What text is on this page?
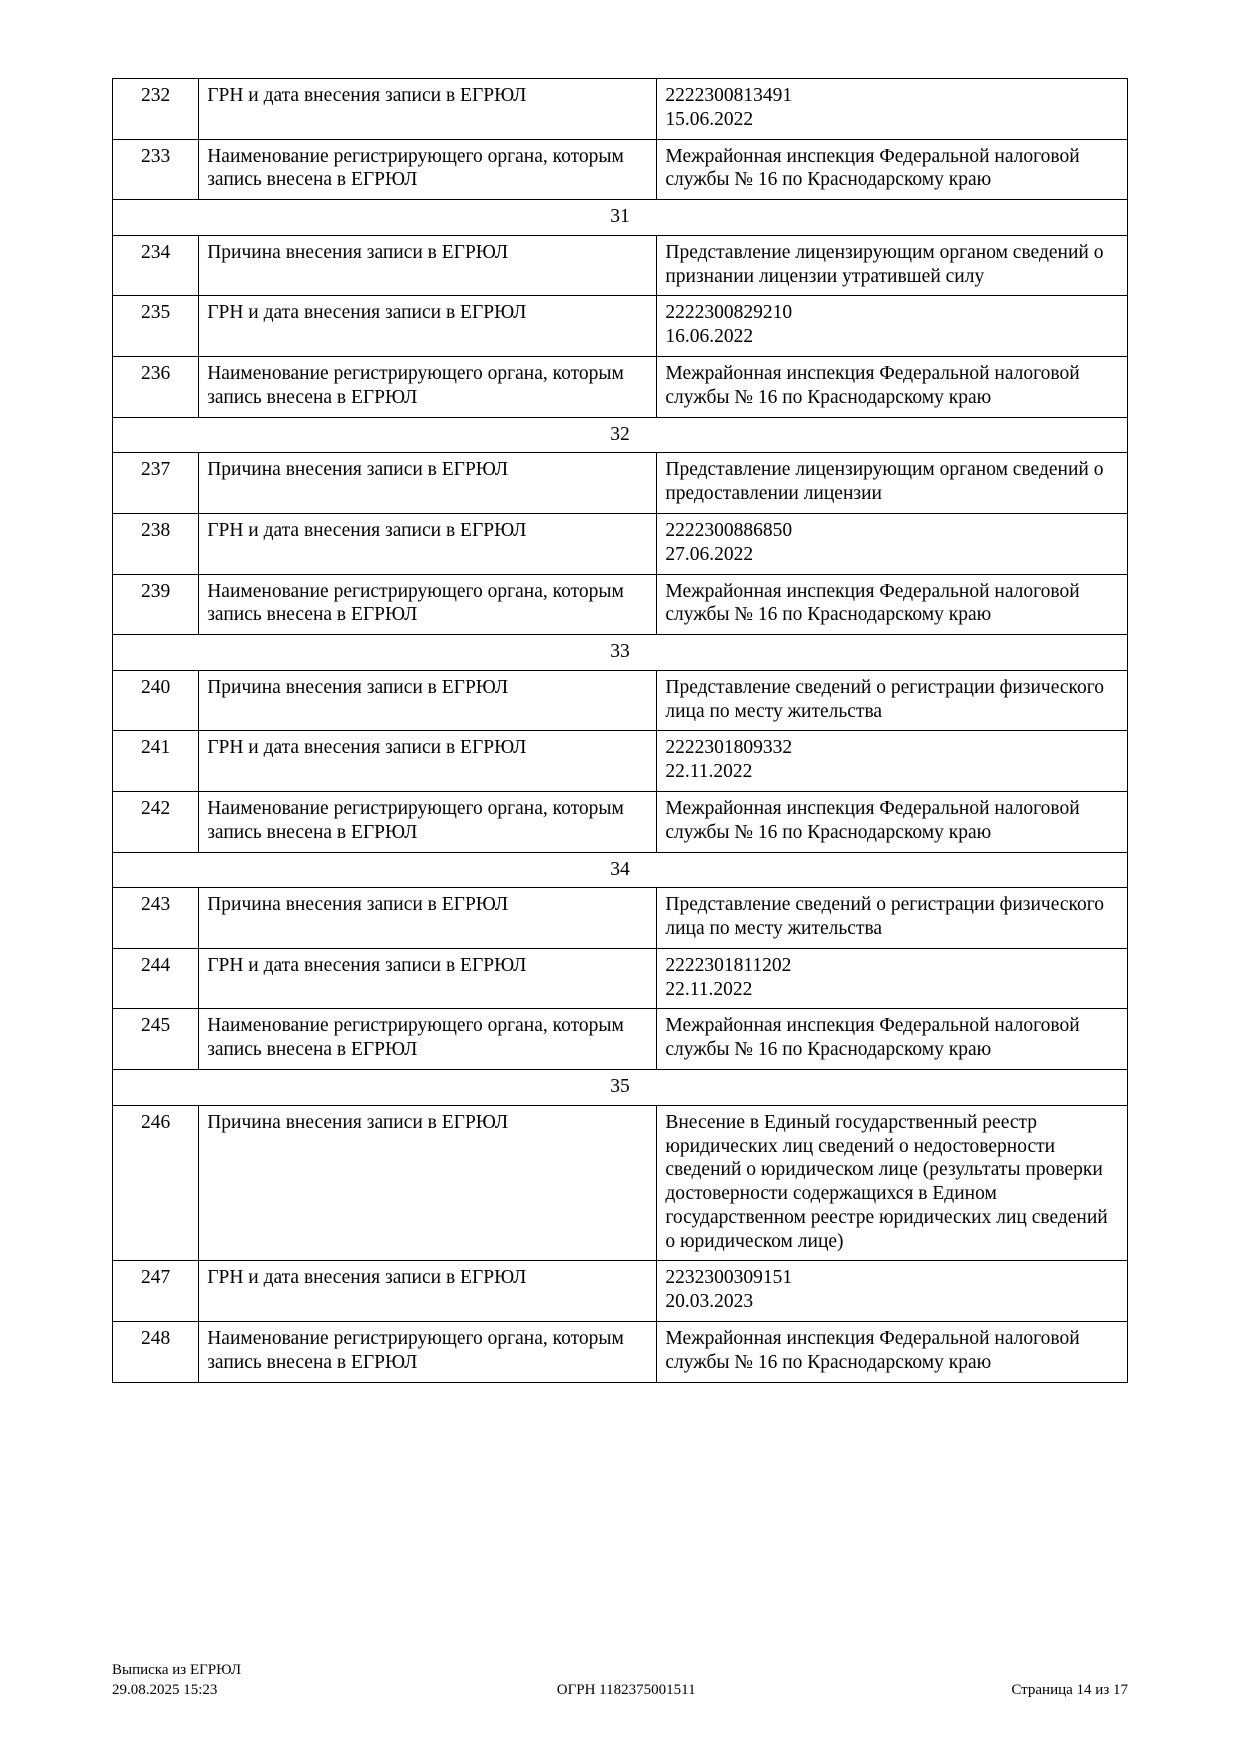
232	ГРН и дата внесения записи в ЕГРЮЛ	2222300813491
15.06.2022

233	Наименование регистрирующего органа, которым запись внесена в ЕГРЮЛ	Межрайонная инспекция Федеральной налоговой службы № 16 по Краснодарскому краю
31		
234	Причина внесения записи в ЕГРЮЛ	Представление лицензирующим органом сведений о признании лицензии утратившей силу
235	ГРН и дата внесения записи в ЕГРЮЛ	2222300829210
16.06.2022

236	Наименование регистрирующего органа, которым запись внесена в ЕГРЮЛ	Межрайонная инспекция Федеральной налоговой службы № 16 по Краснодарскому краю
32		
237	Причина внесения записи в ЕГРЮЛ	Представление лицензирующим органом сведений о предоставлении лицензии
238	ГРН и дата внесения записи в ЕГРЮЛ	2222300886850
27.06.2022

239	Наименование регистрирующего органа, которым запись внесена в ЕГРЮЛ	Межрайонная инспекция Федеральной налоговой службы № 16 по Краснодарскому краю
33		
240	Причина внесения записи в ЕГРЮЛ	Представление сведений о регистрации физического лица по месту жительства
241	ГРН и дата внесения записи в ЕГРЮЛ	2222301809332
22.11.2022

242	Наименование регистрирующего органа, которым запись внесена в ЕГРЮЛ	Межрайонная инспекция Федеральной налоговой службы № 16 по Краснодарскому краю
34		
243	Причина внесения записи в ЕГРЮЛ	Представление сведений о регистрации физического лица по месту жительства
244	ГРН и дата внесения записи в ЕГРЮЛ	2222301811202
22.11.2022

245	Наименование регистрирующего органа, которым запись внесена в ЕГРЮЛ	Межрайонная инспекция Федеральной налоговой службы № 16 по Краснодарскому краю
35		
246	Причина внесения записи в ЕГРЮЛ	Внесение в Единый государственный реестр юридических лиц сведений о недостоверности сведений о юридическом лице (результаты проверки достоверности содержащихся в Едином государственном реестре юридических лиц сведений о юридическом лице)
247	ГРН и дата внесения записи в ЕГРЮЛ	2232300309151
20.03.2023

248	Наименование регистрирующего органа, которым запись внесена в ЕГРЮЛ	Межрайонная инспекция Федеральной налоговой службы № 16 по Краснодарскому краю
Выписка из ЕГРЮЛ
29.08.2025 15:23	ОГРН 1182375001511	Страница 14 из 17
